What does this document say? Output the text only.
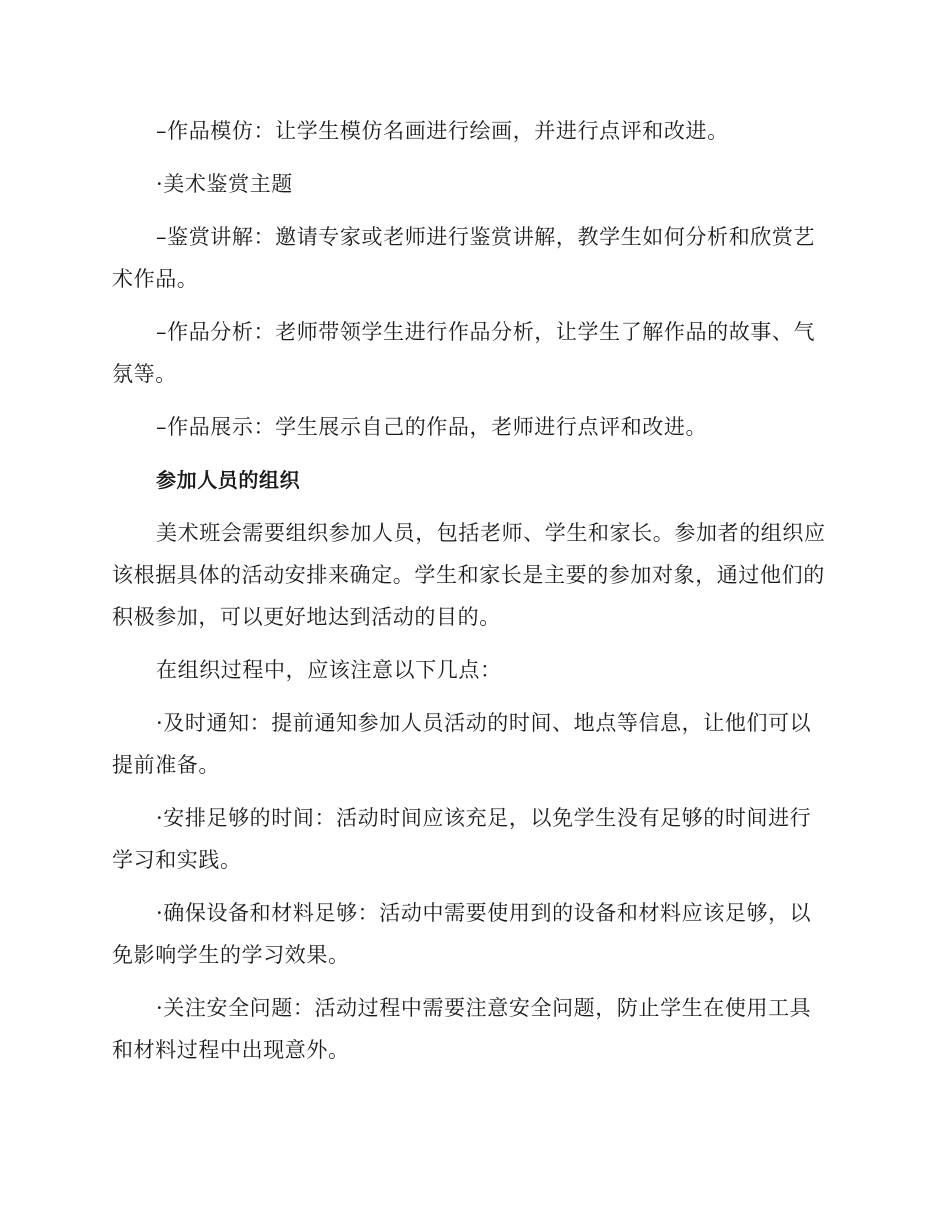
–作品模仿：让学生模仿名画进行绘画，并进行点评和改进。

·美术鉴赏主题

–鉴赏讲解：邀请专家或老师进行鉴赏讲解，教学生如何分析和欣赏艺术作品。

–作品分析：老师带领学生进行作品分析，让学生了解作品的故事、气氛等。

–作品展示：学生展示自己的作品，老师进行点评和改进。

参加人员的组织

美术班会需要组织参加人员，包括老师、学生和家长。参加者的组织应该根据具体的活动安排来确定。学生和家长是主要的参加对象，通过他们的积极参加，可以更好地达到活动的目的。

在组织过程中，应该注意以下几点：

·及时通知：提前通知参加人员活动的时间、地点等信息，让他们可以提前准备。

·安排足够的时间：活动时间应该充足，以免学生没有足够的时间进行学习和实践。

·确保设备和材料足够：活动中需要使用到的设备和材料应该足够，以免影响学生的学习效果。

·关注安全问题：活动过程中需要注意安全问题，防止学生在使用工具和材料过程中出现意外。
